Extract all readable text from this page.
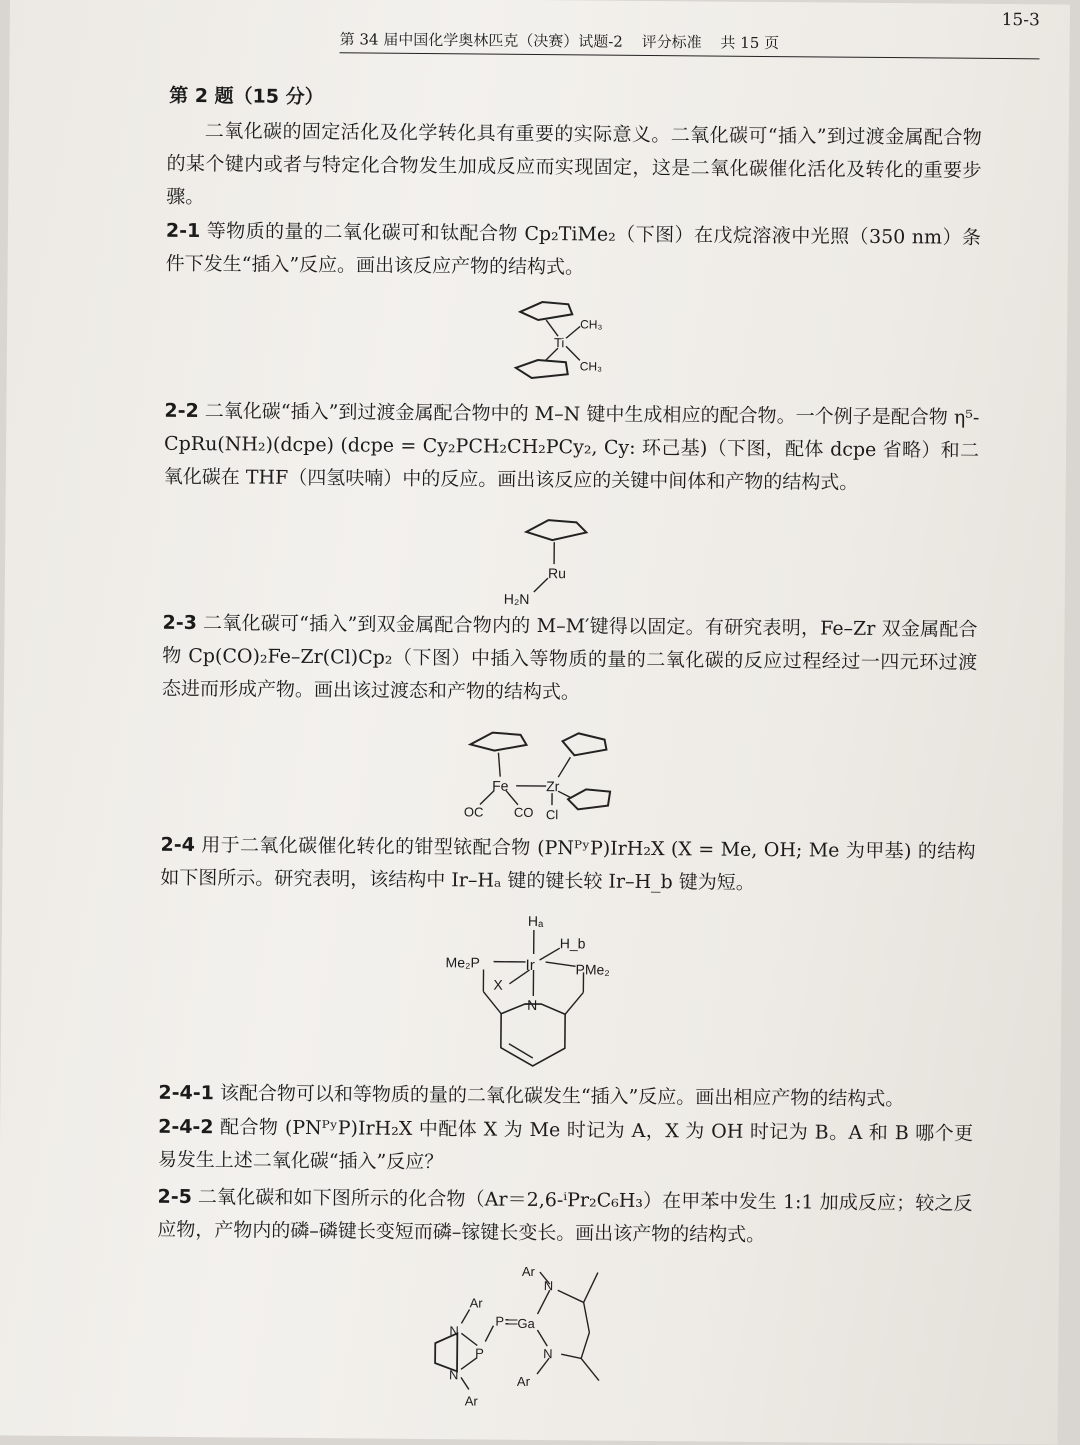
15-3
第 34 届中国化学奥林匹克（决赛）试题-2 评分标准 共 15 页
第 2 题（15 分）
二氧化碳的固定活化及化学转化具有重要的实际意义。二氧化碳可“插入”到过渡金属配合物的某个键内或者与特定化合物发生加成反应而实现固定，这是二氧化碳催化活化及转化的重要步骤。
2-1 等物质的量的二氧化碳可和钛配合物 Cp₂TiMe₂（下图）在戊烷溶液中光照（350 nm）条件下发生“插入”反应。画出该反应产物的结构式。
Ti
CH₃
CH₃
2-2 二氧化碳“插入”到过渡金属配合物中的 M–N 键中生成相应的配合物。一个例子是配合物 η⁵-CpRu(NH₂)(dcpe) (dcpe = Cy₂PCH₂CH₂PCy₂, Cy: 环己基)（下图，配体 dcpe 省略）和二氧化碳在 THF（四氢呋喃）中的反应。画出该反应的关键中间体和产物的结构式。
Ru
H₂N
2-3 二氧化碳可“插入”到双金属配合物内的 M–M′键得以固定。有研究表明，Fe–Zr 双金属配合物 Cp(CO)₂Fe–Zr(Cl)Cp₂（下图）中插入等物质的量的二氧化碳的反应过程经过一四元环过渡态进而形成产物。画出该过渡态和产物的结构式。
Fe	Zr
OC CO Cl
2-4 用于二氧化碳催化转化的钳型铱配合物 (PNᴾʸP)IrH₂X (X = Me, OH; Me 为甲基) 的结构如下图所示。研究表明，该结构中 Ir–Hₐ 键的键长较 Ir–H_b 键为短。
Hₐ
H_b
Ir
Me₂P	PMe₂
X
N
2-4-1 该配合物可以和等物质的量的二氧化碳发生“插入”反应。画出相应产物的结构式。
2-4-2 配合物 (PNᴾʸP)IrH₂X 中配体 X 为 Me 时记为 A，X 为 OH 时记为 B。A 和 B 哪个更易发生上述二氧化碳“插入”反应？
2-5 二氧化碳和如下图所示的化合物（Ar＝2,6-ⁱPr₂C₆H₃）在甲苯中发生 1:1 加成反应；较之反应物，产物内的磷–磷键长变短而磷–镓键长变长。画出该产物的结构式。
Ar
N
Ar
P Ga
N
P
N
N
Ar
Ar
